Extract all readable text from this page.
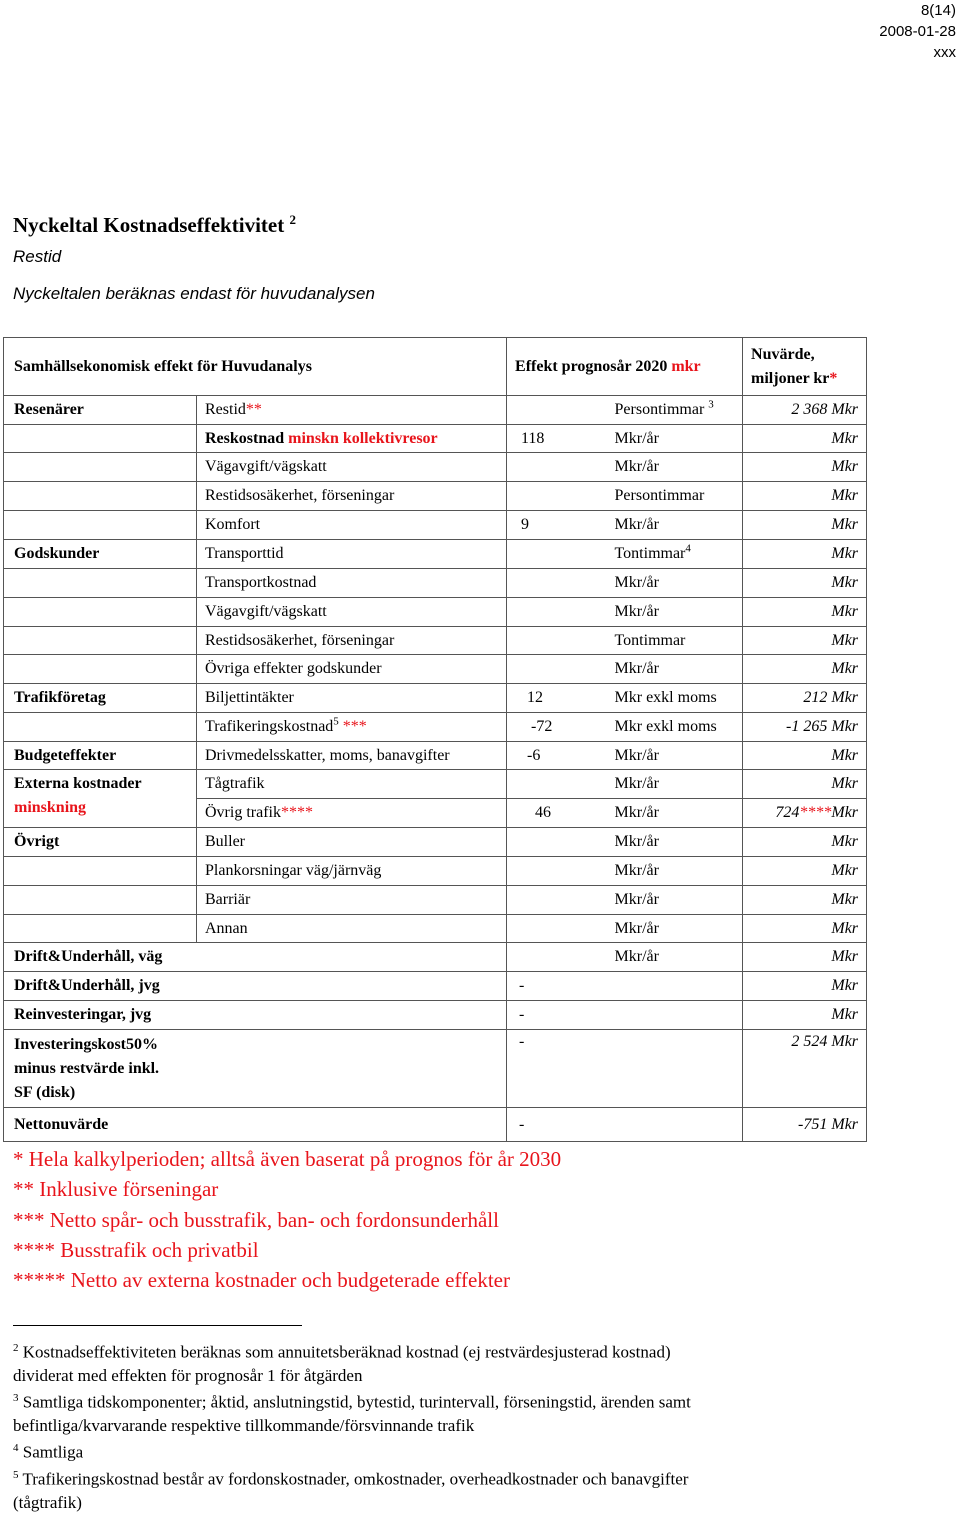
8(14)
2008-01-28
xxx
Nyckeltal Kostnadseffektivitet $^2$
Restid
Nyckeltalen beräknas endast för huvudanalysen
Samhällsekonomisk effekt för Huvudanalys		Effekt prognosår 2020 mkr		Nuvärde,
miljoner kr*
Resenärer	Restid**		Persontimmar $^3$	2 368 Mkr
	Reskostnad minskn kollektivresor	118	Mkr/år	Mkr
	Vägavgift/vägskatt		Mkr/år	Mkr
	Restidsosäkerhet, förseningar		Persontimmar	Mkr
	Komfort	9	Mkr/år	Mkr
Godskunder	Transporttid		Tontimmar$^4$	Mkr
	Transportkostnad		Mkr/år	Mkr
	Vägavgift/vägskatt		Mkr/år	Mkr
	Restidsosäkerhet, förseningar		Tontimmar	Mkr
	Övriga effekter godskunder		Mkr/år	Mkr
Trafikföretag	Biljettintäkter	12	Mkr exkl moms	212 Mkr
	Trafikeringskostnad$^5$ ***	-72	Mkr exkl moms	-1 265 Mkr
Budgeteffekter	Drivmedelsskatter, moms, banavgifter	-6	Mkr/år	Mkr
Externa kostnader	Tågtrafik		Mkr/år	Mkr
minskning	Övrig trafik****	46	Mkr/år	724****Mkr
Övrigt	Buller		Mkr/år	Mkr
	Plankorsningar väg/järnväg		Mkr/år	Mkr
	Barriär		Mkr/år	Mkr
	Annan		Mkr/år	Mkr
Drift&Underhåll, väg			Mkr/år	Mkr
Drift&Underhåll, jvg		-		Mkr
Reinvesteringar, jvg		-		Mkr
Investeringskost50%
minus restvärde inkl.
SF (disk)		-		2 524 Mkr
Nettonuvärde		-		-751 Mkr
* Hela kalkylperioden; alltså även baserat på prognos för år 2030
** Inklusive förseningar
*** Netto spår- och busstrafik, ban- och fordonsunderhåll
**** Busstrafik och privatbil
***** Netto av externa kostnader och budgeterade effekter
$^2$ Kostnadseffektiviteten beräknas som annuitetsberäknad kostnad (ej restvärdesjusterad kostnad)
dividerat med effekten för prognosår 1 för åtgärden
$^3$ Samtliga tidskomponenter; åktid, anslutningstid, bytestid, turintervall, förseningstid, ärenden samt
befintliga/kvarvarande respektive tillkommande/försvinnande trafik
$^4$ Samtliga
$^5$ Trafikeringskostnad består av fordonskostnader, omkostnader, overheadkostnader och banavgifter
(tågtrafik)
